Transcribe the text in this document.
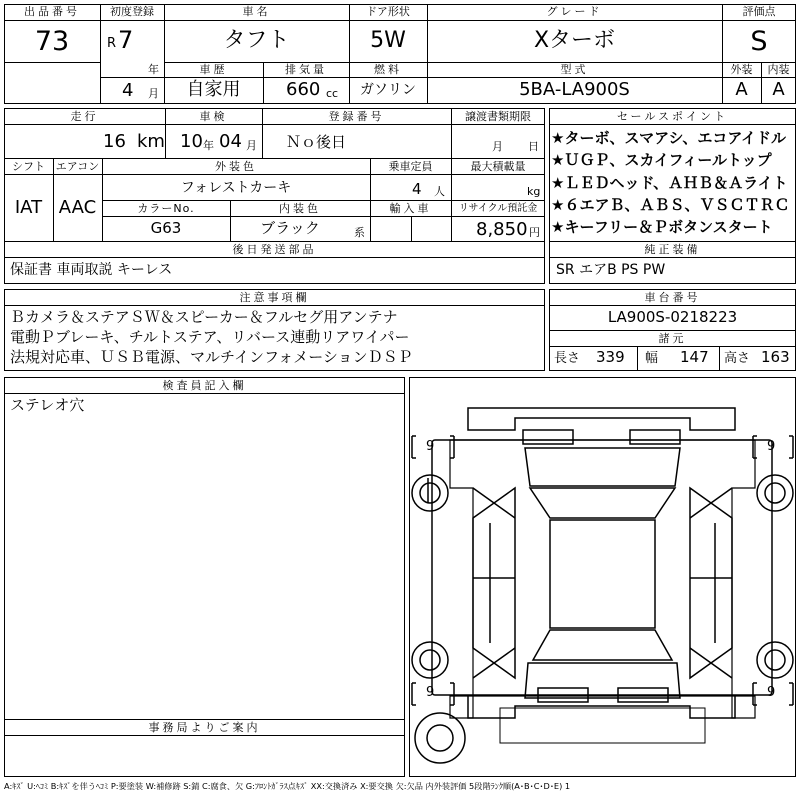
出品番号
73
初度登録
R 7
年
4 月
車名
タフト
ドア形状
5W
グレード
Xターボ
評価点
S
車歴
自家用
排気量
660 cc
燃料
ガソリン
型式
5BA-LA900S
外装
A
内装
A
走行
16 km
車検
10 年 04 月
登録番号
Ｎｏ後日
譲渡書類期限
月 日
シフト
IAT
エアコン
AAC
外装色
フォレストカーキ
乗車定員
4 人
最大積載量
kg
カラーNo.
G63
内装色
ブラック	系
輸入車	リサイクル預託金
8,850 円
後日発送部品
保証書 車両取説 キーレス
セールスポイント
★ターボ、スマアシ、エコアイドル
★ＵＧＰ、スカイフィールトップ
★ＬＥＤヘッド、ＡＨＢ＆Ａライト
★６エアＢ、ＡＢＳ、ＶＳＣＴＲＣ
★キーフリー＆Ｐボタンスタート
純正装備
SR エアB PS PW
注意事項欄
Ｂカメラ＆ステアＳＷ＆スピーカー＆フルセグ用アンテナ
電動Ｐブレーキ、チルトステア、リバース連動リアワイパー
法規対応車、ＵＳＢ電源、マルチインフォメーションＤＳＰ
車台番号
LA900S-0218223
諸元
長さ 339 幅 147 高さ 163
検査員記入欄
ステレオ穴
事務局よりご案内
9	9
9	9
A:ｷｽﾞ U:ﾍｺﾐ B:ｷｽﾞを伴うﾍｺﾐ P:要塗装 W:補修跡 S:錆 C:腐食、欠 G:ﾌﾛﾝﾄｶﾞﾗｽ点ｷｽﾞ XX:交換済み X:要交換 欠:欠品 内外装評価 5段階ﾗﾝｸ順(A･B･C･D･E) 1
